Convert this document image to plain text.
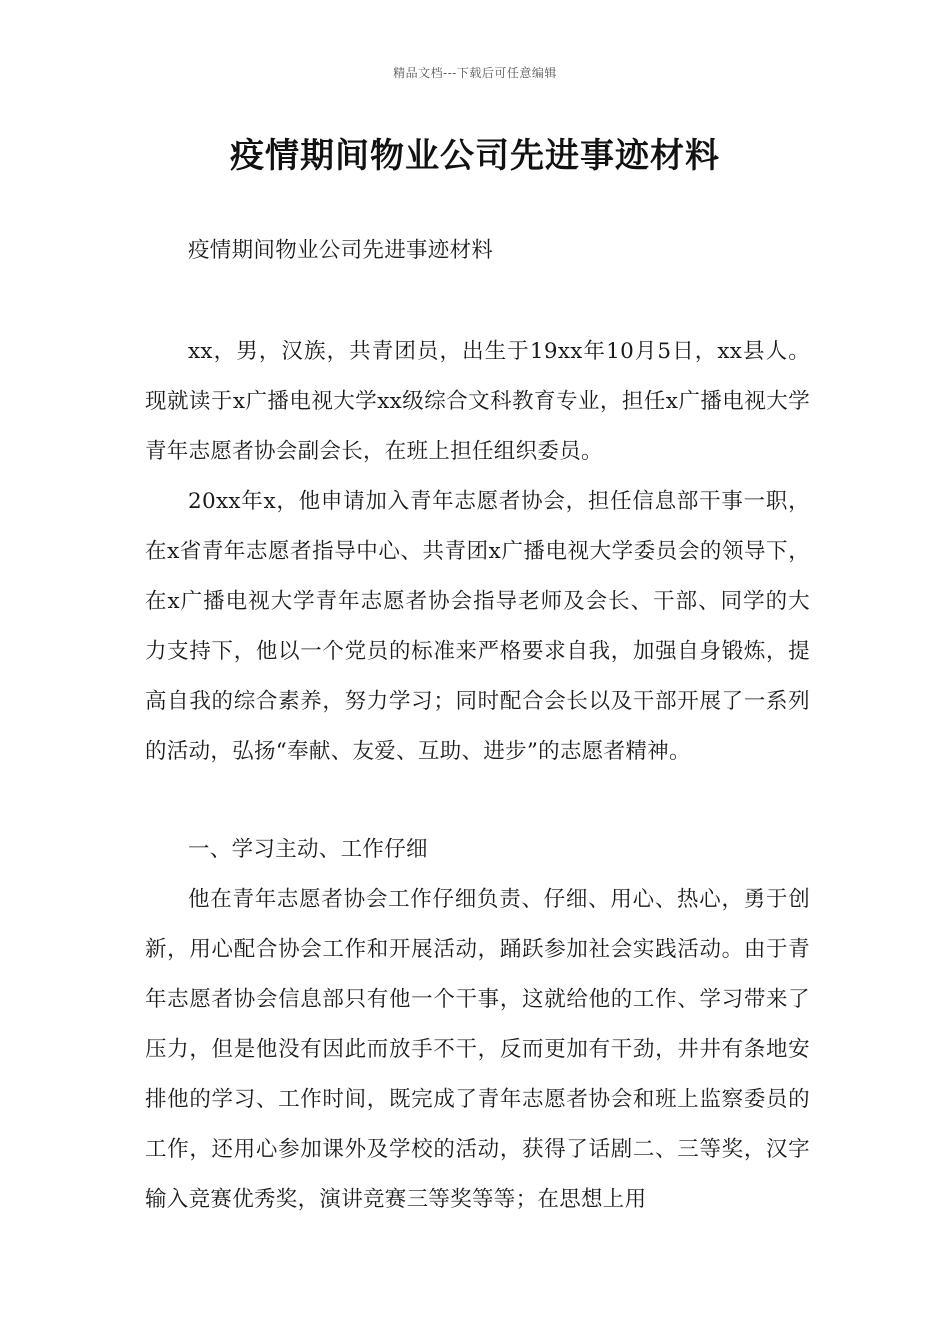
精品文档---下载后可任意编辑
疫情期间物业公司先进事迹材料

疫情期间物业公司先进事迹材料

xx，男，汉族，共青团员，出生于19xx年10月5日，xx县人。现就读于x广播电视大学xx级综合文科教育专业，担任x广播电视大学青年志愿者协会副会长，在班上担任组织委员。

20xx年x，他申请加入青年志愿者协会，担任信息部干事一职，在x省青年志愿者指导中心、共青团x广播电视大学委员会的领导下，在x广播电视大学青年志愿者协会指导老师及会长、干部、同学的大力支持下，他以一个党员的标准来严格要求自我，加强自身锻炼，提高自我的综合素养，努力学习；同时配合会长以及干部开展了一系列的活动，弘扬“奉献、友爱、互助、进步”的志愿者精神。

一、学习主动、工作仔细

他在青年志愿者协会工作仔细负责、仔细、用心、热心，勇于创新，用心配合协会工作和开展活动，踊跃参加社会实践活动。由于青年志愿者协会信息部只有他一个干事，这就给他的工作、学习带来了压力，但是他没有因此而放手不干，反而更加有干劲，井井有条地安排他的学习、工作时间，既完成了青年志愿者协会和班上监察委员的工作，还用心参加课外及学校的活动，获得了话剧二、三等奖，汉字输入竞赛优秀奖，演讲竞赛三等奖等等；在思想上用
